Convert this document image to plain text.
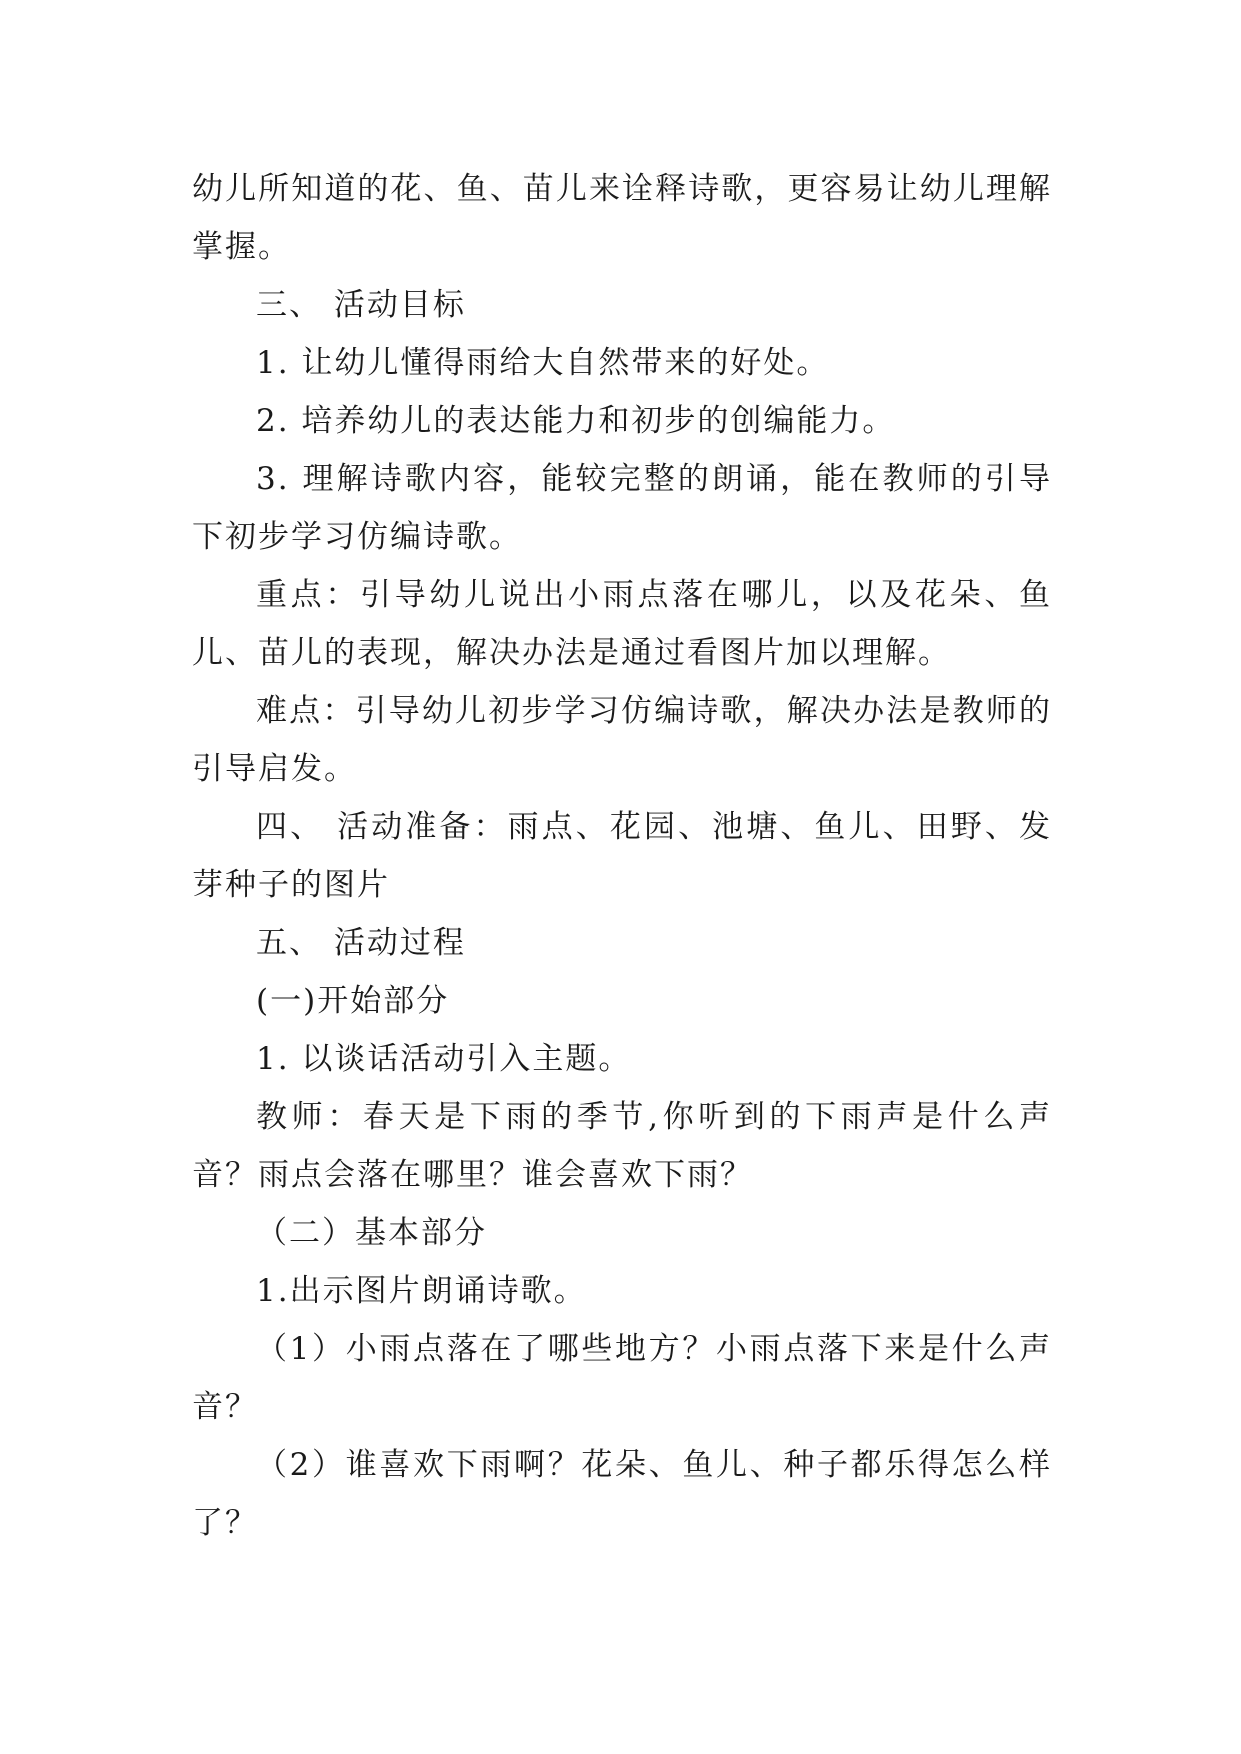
幼儿所知道的花、鱼、苗儿来诠释诗歌，更容易让幼儿理解掌握。

三、 活动目标

1. 让幼儿懂得雨给大自然带来的好处。

2. 培养幼儿的表达能力和初步的创编能力。

3. 理解诗歌内容，能较完整的朗诵，能在教师的引导下初步学习仿编诗歌。

重点：引导幼儿说出小雨点落在哪儿，以及花朵、鱼儿、苗儿的表现，解决办法是通过看图片加以理解。

难点：引导幼儿初步学习仿编诗歌，解决办法是教师的引导启发。

四、 活动准备：雨点、花园、池塘、鱼儿、田野、发芽种子的图片

五、 活动过程

(一)开始部分

1. 以谈话活动引入主题。

教师：春天是下雨的季节,你听到的下雨声是什么声音？雨点会落在哪里？谁会喜欢下雨？

（二）基本部分

1.出示图片朗诵诗歌。

（1）小雨点落在了哪些地方？小雨点落下来是什么声音？

（2）谁喜欢下雨啊？花朵、鱼儿、种子都乐得怎么样了？
